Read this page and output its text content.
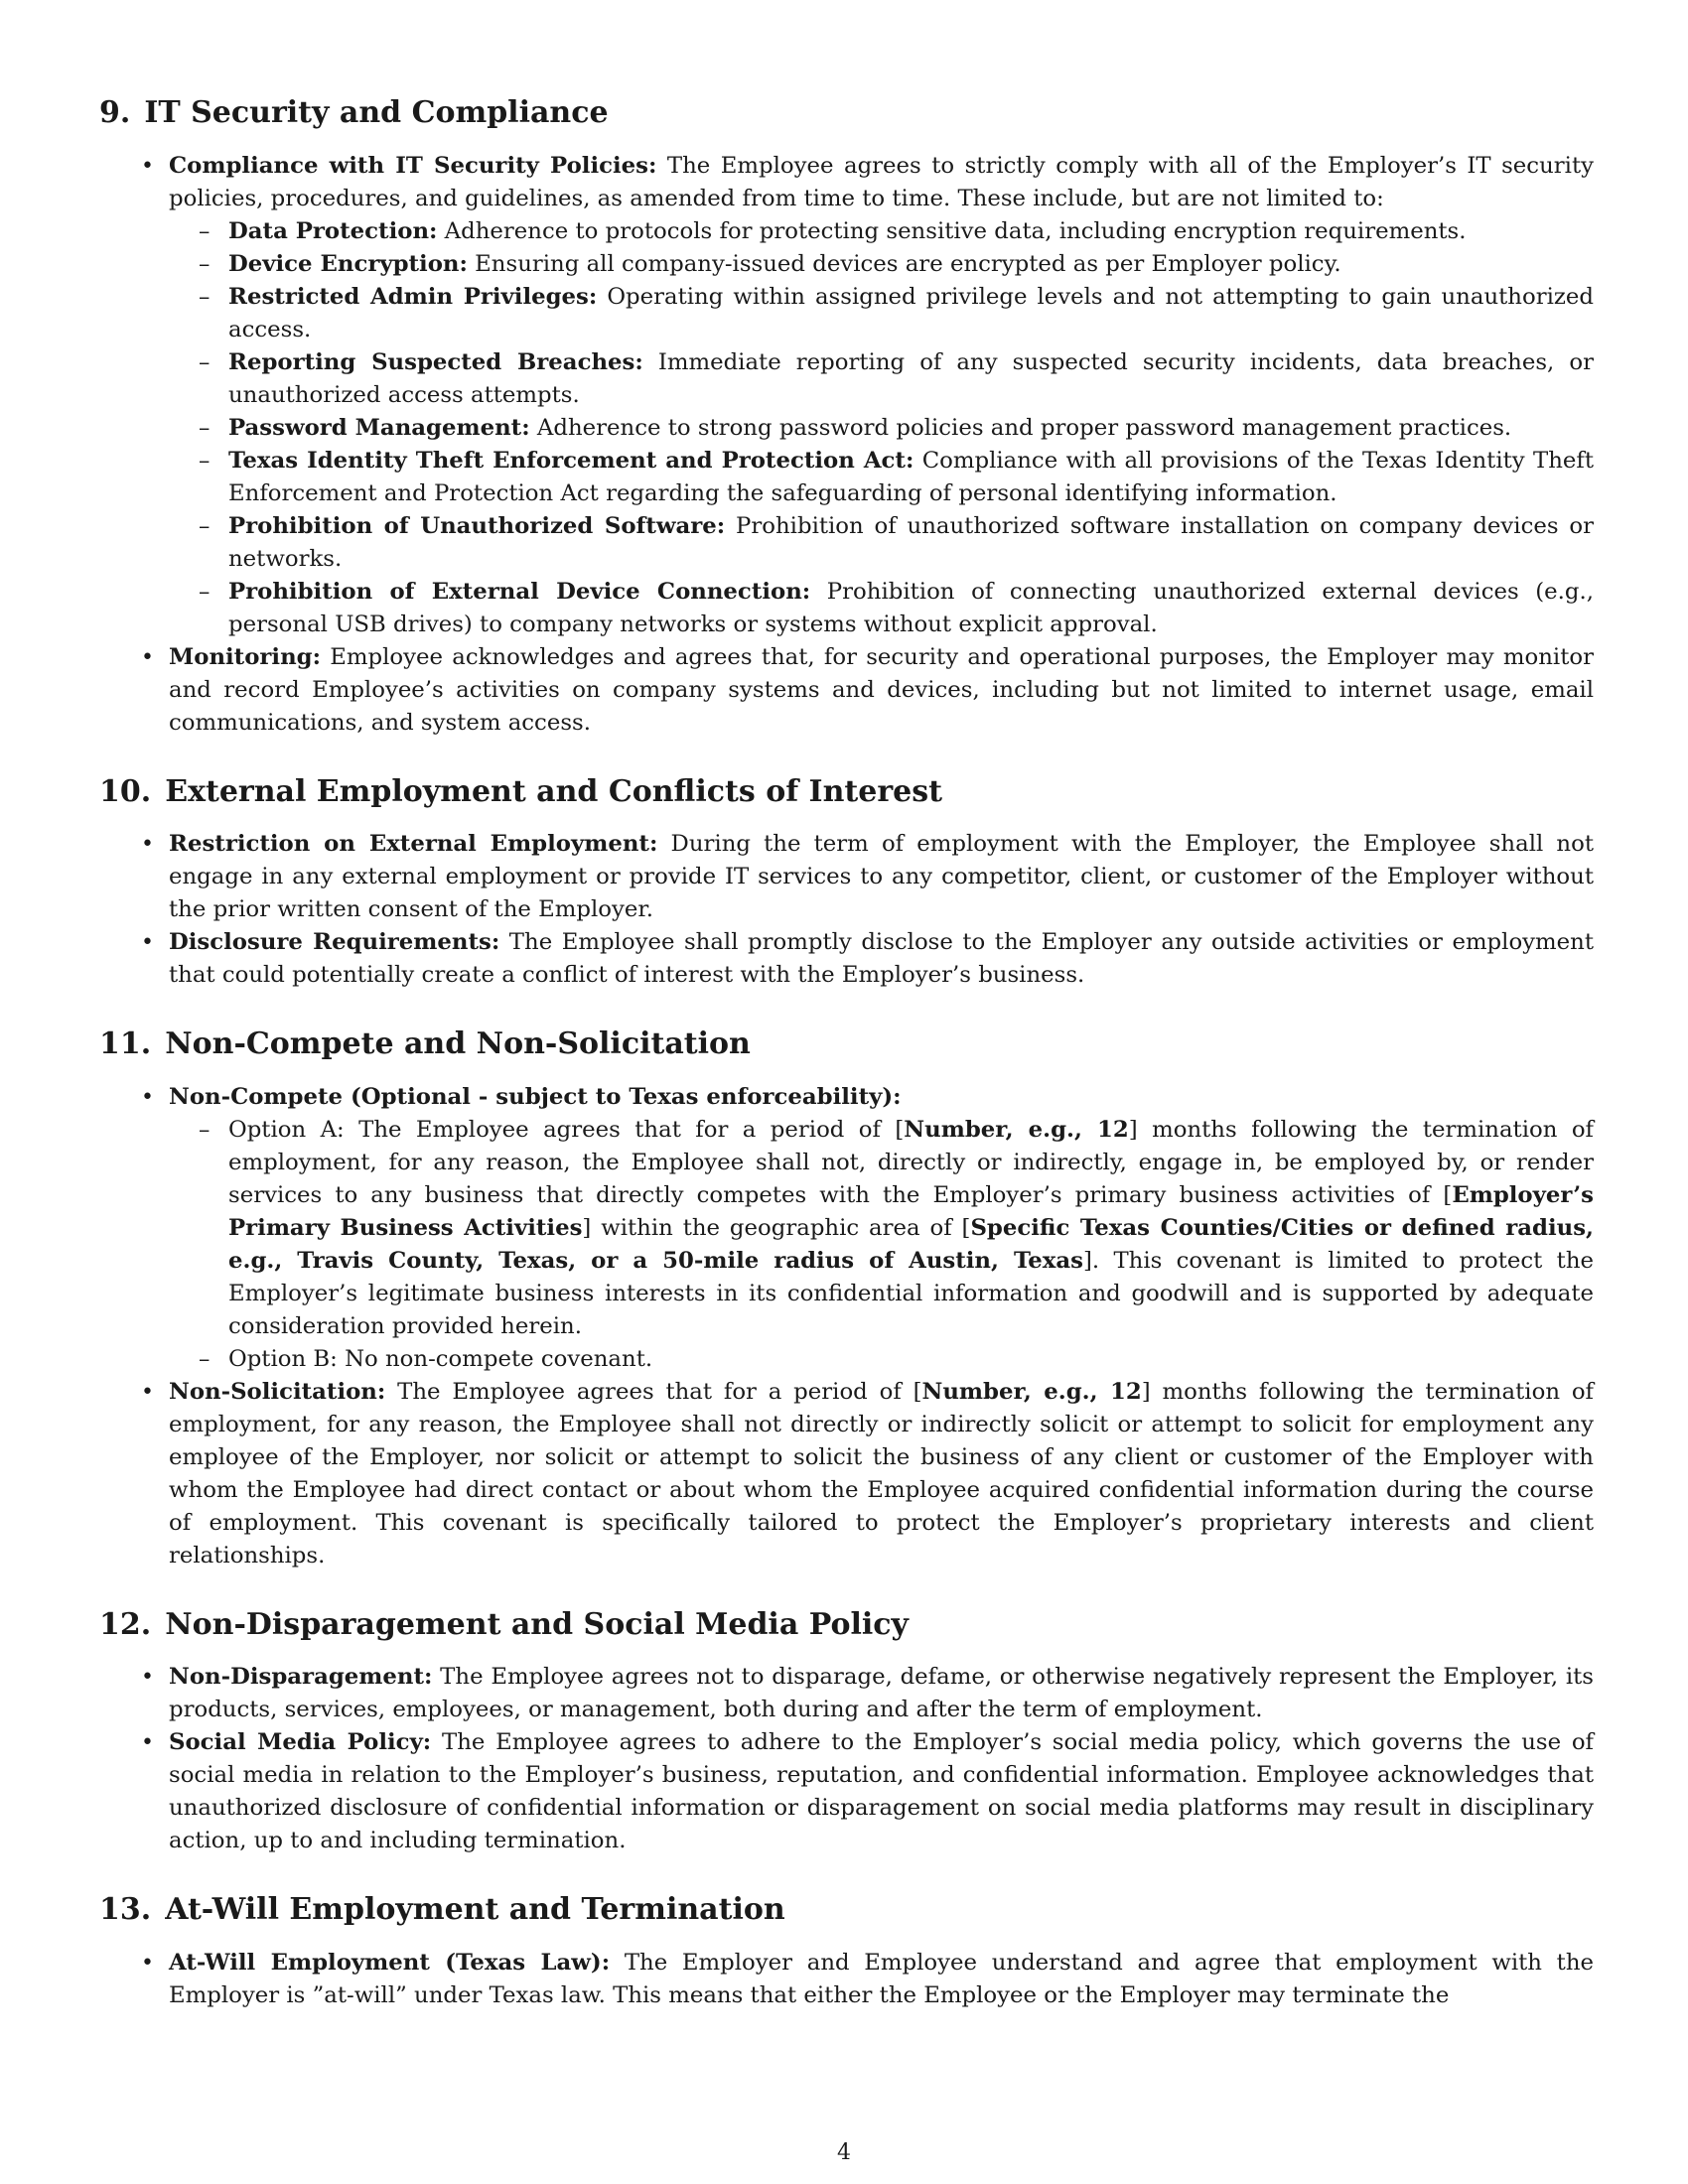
9. IT Security and Compliance
• Compliance with IT Security Policies: The Employee agrees to strictly comply with all of the Employer’s IT security policies, procedures, and guidelines, as amended from time to time. These include, but are not limited to:
– Data Protection: Adherence to protocols for protecting sensitive data, including encryption requirements.
– Device Encryption: Ensuring all company-issued devices are encrypted as per Employer policy.
– Restricted Admin Privileges: Operating within assigned privilege levels and not attempting to gain unauthorized access.
– Reporting Suspected Breaches: Immediate reporting of any suspected security incidents, data breaches, or unauthorized access attempts.
– Password Management: Adherence to strong password policies and proper password management practices.
– Texas Identity Theft Enforcement and Protection Act: Compliance with all provisions of the Texas Identity Theft Enforcement and Protection Act regarding the safeguarding of personal identifying information.
– Prohibition of Unauthorized Software: Prohibition of unauthorized software installation on company devices or networks.
– Prohibition of External Device Connection: Prohibition of connecting unauthorized external devices (e.g., personal USB drives) to company networks or systems without explicit approval.
• Monitoring: Employee acknowledges and agrees that, for security and operational purposes, the Employer may monitor and record Employee’s activities on company systems and devices, including but not limited to internet usage, email communications, and system access.
10. External Employment and Conflicts of Interest
• Restriction on External Employment: During the term of employment with the Employer, the Employee shall not engage in any external employment or provide IT services to any competitor, client, or customer of the Employer without the prior written consent of the Employer.
• Disclosure Requirements: The Employee shall promptly disclose to the Employer any outside activities or employment that could potentially create a conflict of interest with the Employer’s business.
11. Non-Compete and Non-Solicitation
• Non-Compete (Optional - subject to Texas enforceability):
– Option A: The Employee agrees that for a period of [Number, e.g., 12] months following the termination of employment, for any reason, the Employee shall not, directly or indirectly, engage in, be employed by, or render services to any business that directly competes with the Employer’s primary business activities of [Employer’s Primary Business Activities] within the geographic area of [Specific Texas Counties/Cities or defined radius, e.g., Travis County, Texas, or a 50-mile radius of Austin, Texas]. This covenant is limited to protect the Employer’s legitimate business interests in its confidential information and goodwill and is supported by adequate consideration provided herein.
– Option B: No non-compete covenant.
• Non-Solicitation: The Employee agrees that for a period of [Number, e.g., 12] months following the termination of employment, for any reason, the Employee shall not directly or indirectly solicit or attempt to solicit for employment any employee of the Employer, nor solicit or attempt to solicit the business of any client or customer of the Employer with whom the Employee had direct contact or about whom the Employee acquired confidential information during the course of employment. This covenant is specifically tailored to protect the Employer’s proprietary interests and client relationships.
12. Non-Disparagement and Social Media Policy
• Non-Disparagement: The Employee agrees not to disparage, defame, or otherwise negatively represent the Employer, its products, services, employees, or management, both during and after the term of employment.
• Social Media Policy: The Employee agrees to adhere to the Employer’s social media policy, which governs the use of social media in relation to the Employer’s business, reputation, and confidential information. Employee acknowledges that unauthorized disclosure of confidential information or disparagement on social media platforms may result in disciplinary action, up to and including termination.
13. At-Will Employment and Termination
• At-Will Employment (Texas Law): The Employer and Employee understand and agree that employment with the Employer is ”at-will” under Texas law. This means that either the Employee or the Employer may terminate the
4
